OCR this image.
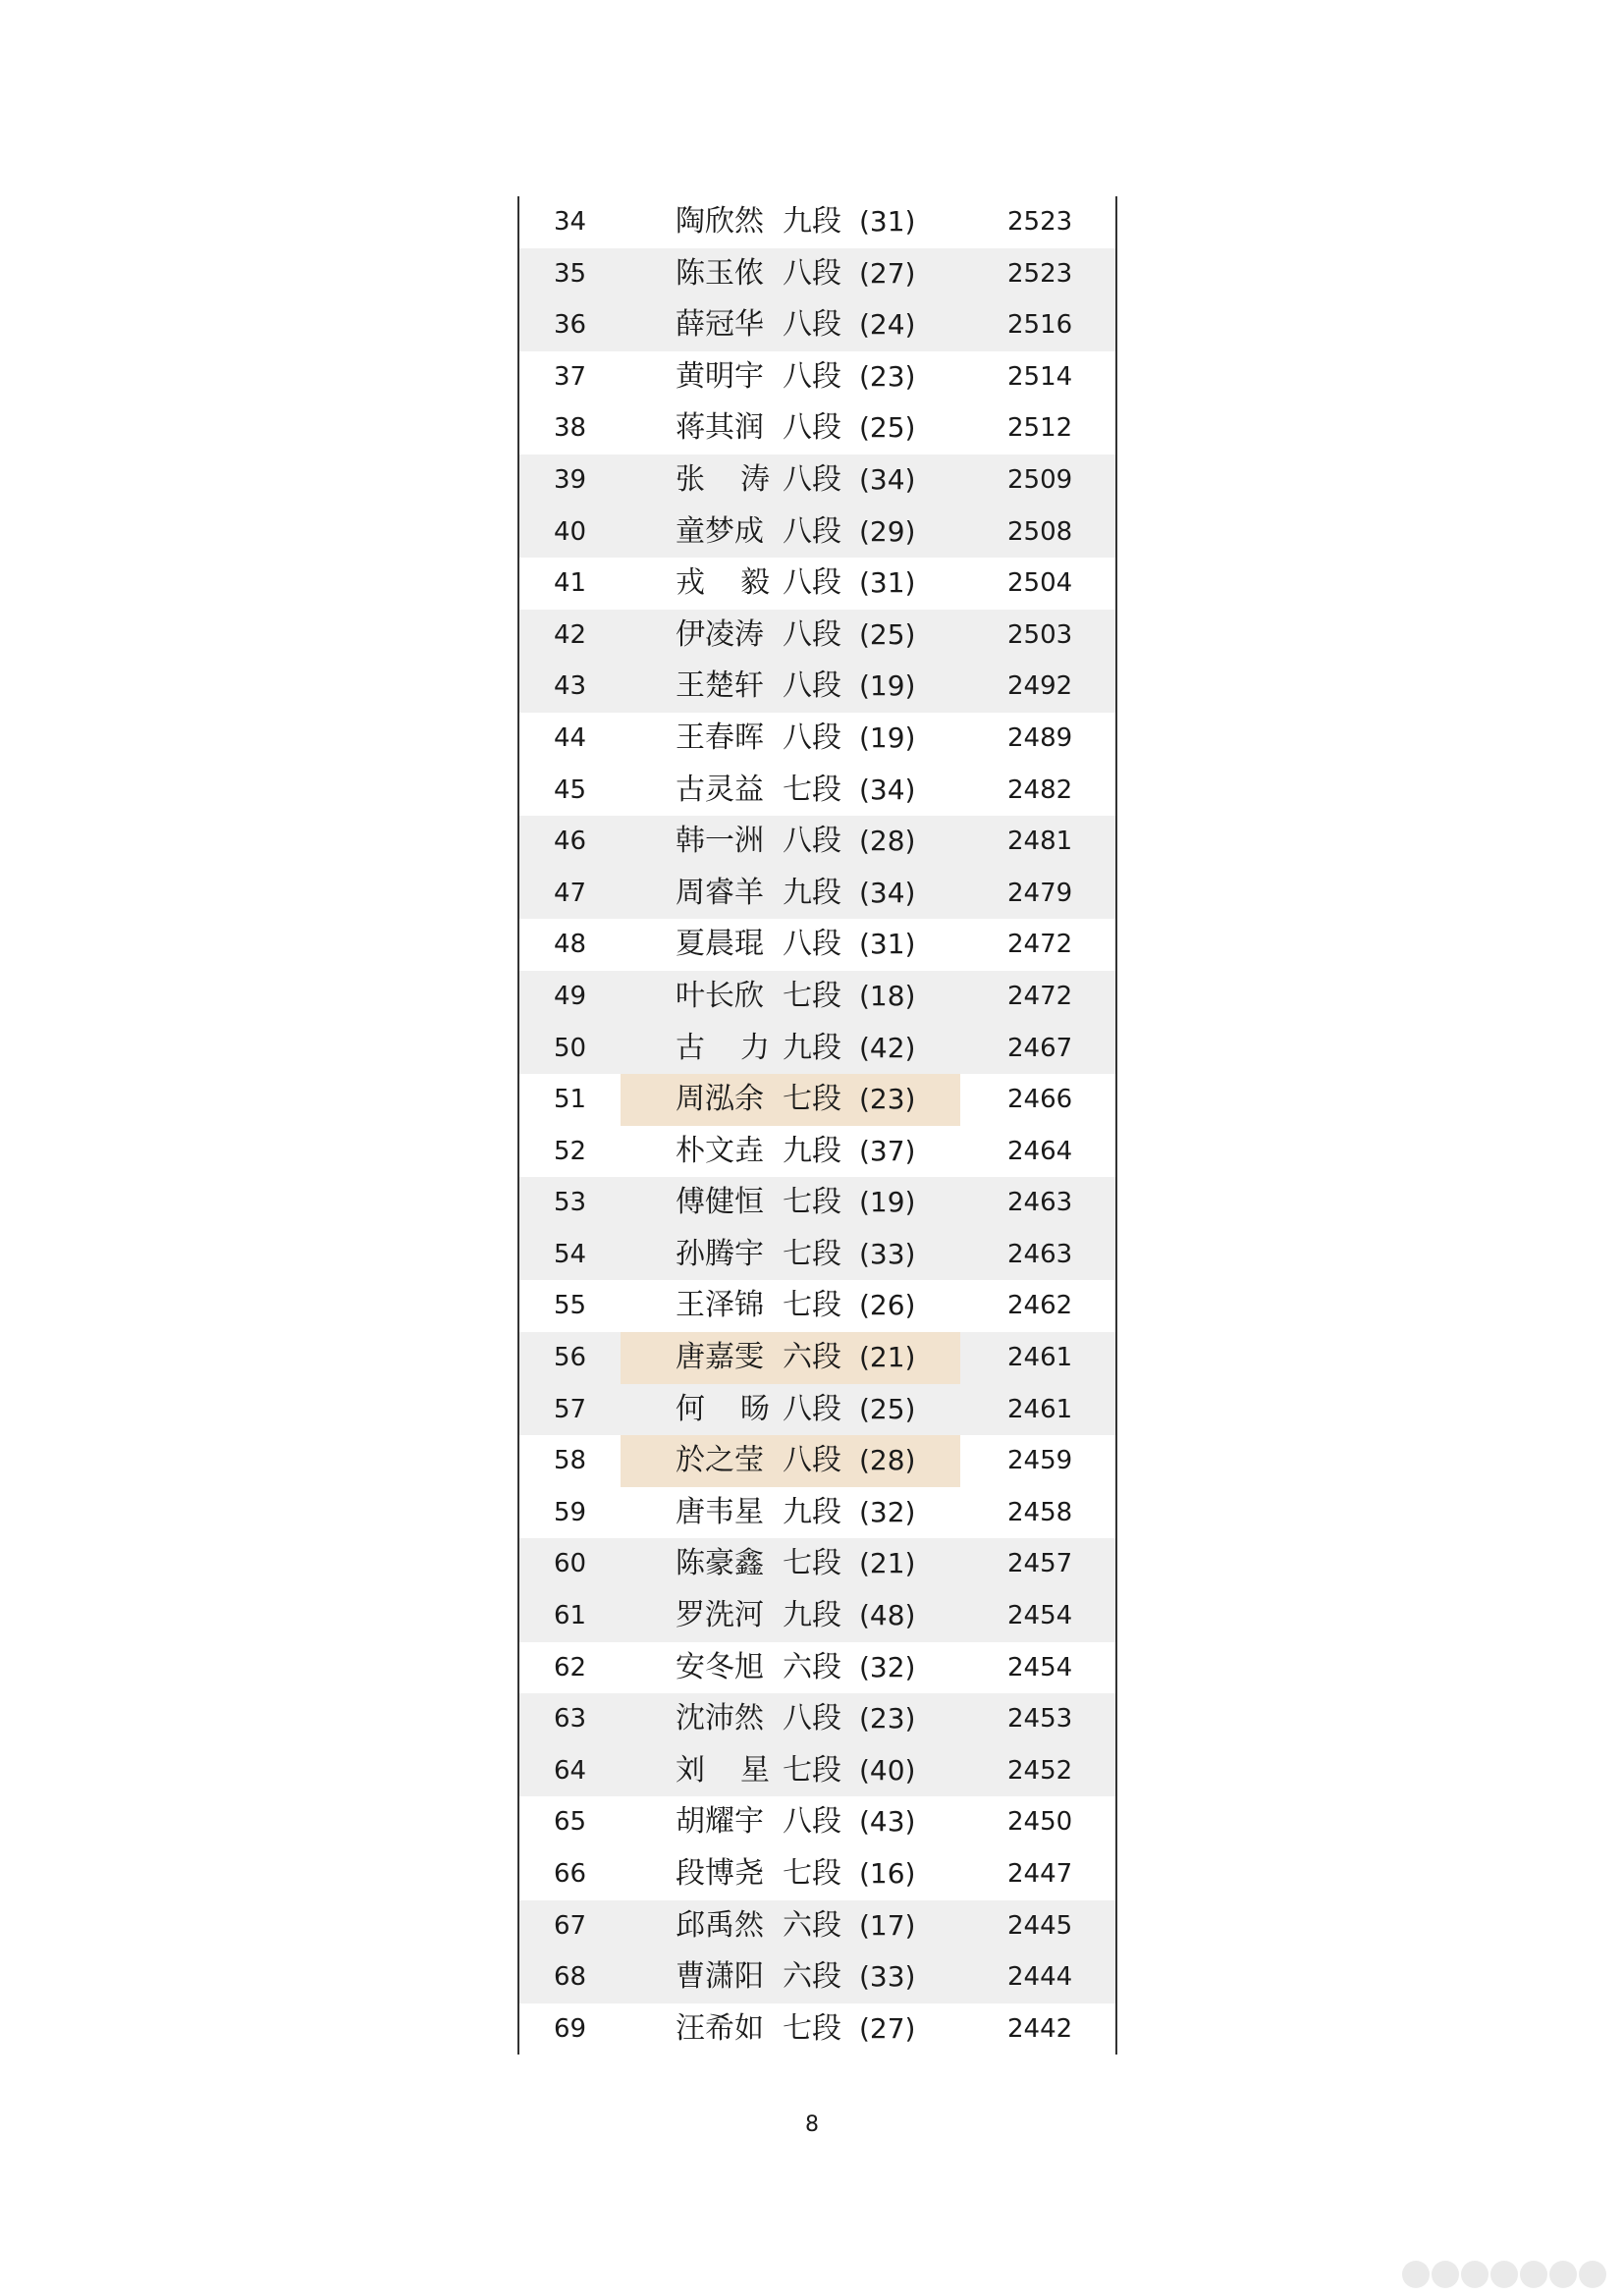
34	陶欣然 九段 (31)	2523
35	陈玉侬 八段 (27)	2523
36	薛冠华 八段 (24)	2516
37	黄明宇 八段 (23)	2514
38	蒋其润 八段 (25)	2512
39	张 涛 八段 (34)	2509
40	童梦成 八段 (29)	2508
41	戎 毅 八段 (31)	2504
42	伊凌涛 八段 (25)	2503
43	王楚轩 八段 (19)	2492
44	王春晖 八段 (19)	2489
45	古灵益 七段 (34)	2482
46	韩一洲 八段 (28)	2481
47	周睿羊 九段 (34)	2479
48	夏晨琨 八段 (31)	2472
49	叶长欣 七段 (18)	2472
50	古 力 九段 (42)	2467
51	周泓余 七段 (23)	2466
52	朴文垚 九段 (37)	2464
53	傅健恒 七段 (19)	2463
54	孙腾宇 七段 (33)	2463
55	王泽锦 七段 (26)	2462
56	唐嘉雯 六段 (21)	2461
57	何 旸 八段 (25)	2461
58	於之莹 八段 (28)	2459
59	唐韦星 九段 (32)	2458
60	陈豪鑫 七段 (21)	2457
61	罗洗河 九段 (48)	2454
62	安冬旭 六段 (32)	2454
63	沈沛然 八段 (23)	2453
64	刘 星 七段 (40)	2452
65	胡耀宇 八段 (43)	2450
66	段博尧 七段 (16)	2447
67	邱禹然 六段 (17)	2445
68	曹潇阳 六段 (33)	2444
69	汪希如 七段 (27)	2442
8
